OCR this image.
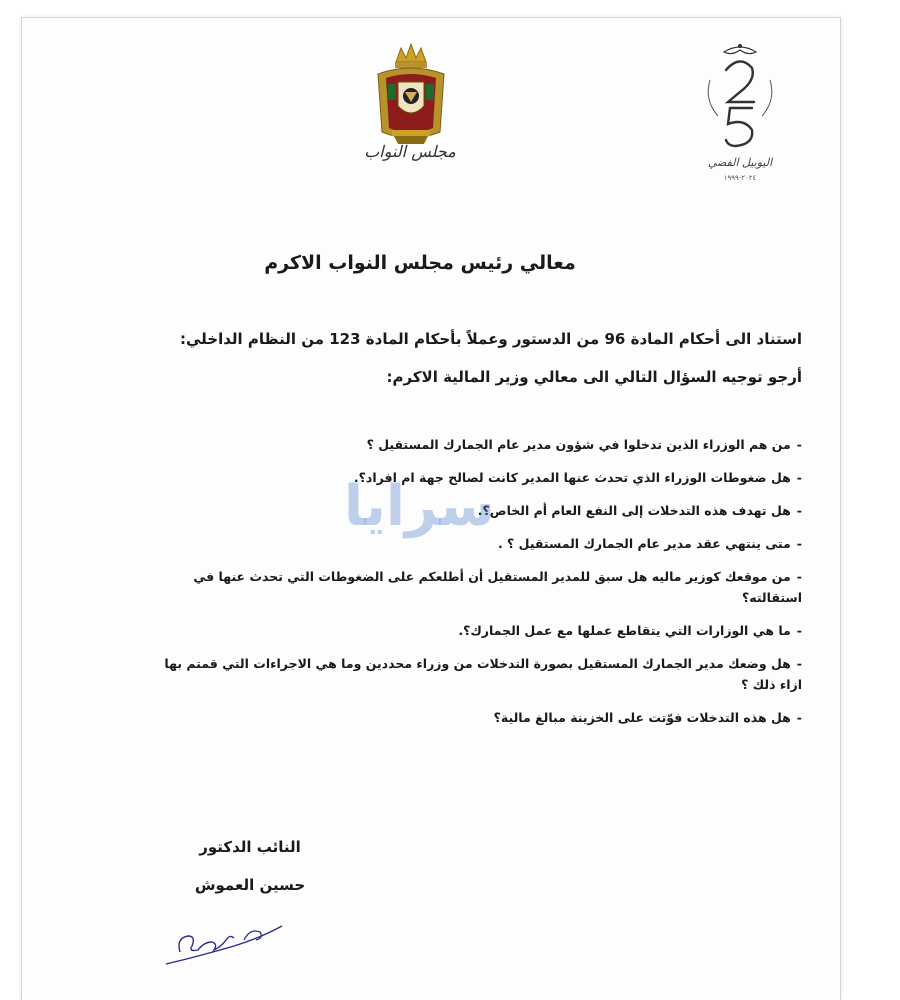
مجلس النواب
اليوبيل الفضي
٢٠٢٤-١٩٩٩
معالي رئيس مجلس النواب الاكرم
استناد الى أحكام المادة 96 من الدستور وعملاً بأحكام المادة 123 من النظام الداخلي:
أرجو توجيه السؤال التالي الى معالي وزير المالية الاكرم:
-من هم الوزراء الذين تدخلوا في شؤون مدير عام الجمارك المستقيل ؟
-هل ضغوطات الوزراء الذي تحدث عنها المدير كانت لصالح جهة ام افراد؟.
-هل تهدف هذه التدخلات إلى النفع العام أم الخاص؟.
-متى ينتهي عقد مدير عام الجمارك المستقيل ؟ .
-من موقعك كوزير ماليه هل سبق للمدير المستقيل أن أطلعكم على الضغوطات التي تحدث عنها في استقالته؟
-ما هي الوزارات التي يتقاطع عملها مع عمل الجمارك؟.
-هل وضعك مدير الجمارك المستقيل بصورة التدخلات من وزراء محددين وما هي الاجراءات التي قمتم بها ازاء ذلك ؟
-هل هذه التدخلات فوّتت على الخزينة مبالغ مالية؟
سرايا
النائب الدكتور
حسين العموش
